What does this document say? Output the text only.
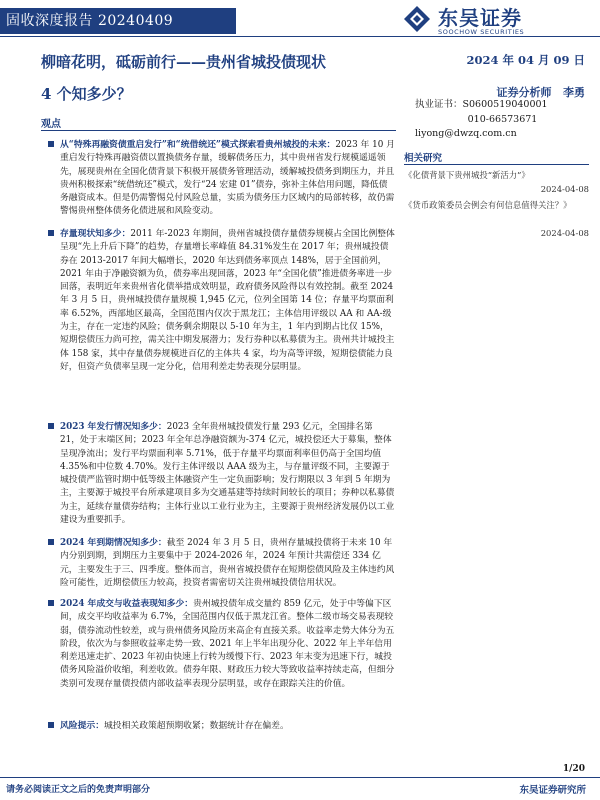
固收深度报告 20240409	东吴证券
SOOCHOW SECURITIES
柳暗花明，砥砺前行——贵州省城投债现状
4 个知多少？
2024 年 04 月 09 日
证券分析师 李勇
执业证书：S0600519040001
010-66573671
liyong@dwzq.com.cn
观点
相关研究
《化债背景下贵州城投“新活力”》
2024-04-08
《货币政策委员会例会有何信息值得关注？》
2024-04-08
从“特殊再融资债重启发行”和“统借统还”模式探索看贵州城投的未来：2023 年 10 月重启发行特殊再融资债以置换债务存量，缓解债务压力，其中贵州省发行规模遥遥领先，展现贵州在全国化债背景下积极开展债务管理活动，缓解城投债务到期压力，并且贵州积极探索“统借统还”模式，发行“24 宏建 01”债券，弥补主体信用问题，降低债务融资成本。但是仍需警惕兑付风险总量，实质为债务压力区域内的局部转移，故仍需警惕贵州整体债务化债进展和风险变动。
存量现状知多少：2011 年-2023 年期间，贵州省城投债存量债券规模占全国比例整体呈现“先上升后下降”的趋势，存量增长率峰值 84.31%发生在 2017 年；贵州城投债券在 2013-2017 年间大幅增长，2020 年达到债务率顶点 148%，居于全国前列，2021 年由于净融资额为负，债券率出现回落，2023 年“全国化债”推进债务率进一步回落，表明近年来贵州省化债举措成效明显，政府债务风险得以有效控制。截至 2024 年 3 月 5 日，贵州城投债存量规模 1,945 亿元，位列全国第 14 位；存量平均票面利率 6.52%，西部地区最高，全国范围内仅次于黑龙江；主体信用评级以 AA 和 AA-级为主，存在一定违约风险；债务剩余期限以 5-10 年为主，1 年内到期占比仅 15%，短期偿债压力尚可控，需关注中期发展潜力；发行券种以私募债为主。贵州共计城投主体 158 家，其中存量债券规模进百亿的主体共 4 家，均为高等评级，短期偿债能力良好，但资产负债率呈现一定分化，信用利差走势表现分层明显。
2023 年发行情况知多少：2023 全年贵州城投债发行量 293 亿元，全国排名第 21，处于末端区间；2023 年全年总净融资额为-374 亿元，城投偿还大于募集，整体呈现净流出；发行平均票面利率 5.71%，低于存量平均票面利率但仍高于全国均值 4.35%和中位数 4.70%。发行主体评级以 AAA 级为主，与存量评级不同，主要源于城投债严监管时期中低等级主体融资产生一定负面影响；发行期限以 3 年到 5 年期为主，主要源于城投平台所承建项目多为交通基建等持续时间较长的项目；券种以私募债为主，延续存量债券结构；主体行业以工业行业为主，主要源于贵州经济发展仍以工业建设为重要抓手。
2024 年到期情况知多少：截至 2024 年 3 月 5 日，贵州存量城投债将于未来 10 年内分别到期，到期压力主要集中于 2024-2026 年，2024 年预计共需偿还 334 亿元，主要发生于三、四季度。整体而言，贵州省城投债存在短期偿债风险及主体违约风险可能性，近期偿债压力较高，投资者需密切关注贵州城投债信用状况。
2024 年成交与收益表现知多少：贵州城投债年成交量约 859 亿元，处于中等偏下区间，成交平均收益率为 6.7%，全国范围内仅低于黑龙江省。整体二级市场交易表现较弱，债券流动性较差，或与贵州债务风险历来高企有直接关系。收益率走势大体分为五阶段，依次为与参照收益率走势一致、2021 年上半年出现分化、2022 年上半年信用利差迅速走扩、2023 年初由快速上行转为缓慢下行、2023 年末变为迅速下行，城投债务风险溢价收缩，利差收敛。债券年限、财政压力较大等致收益率持续走高，但细分类别可发现存量债投债内部收益率表现分层明显，或存在跟踪关注的价值。
风险提示：城投相关政策超预期收紧；数据统计存在偏差。
1/20
请务必阅读正文之后的免责声明部分	东吴证券研究所
